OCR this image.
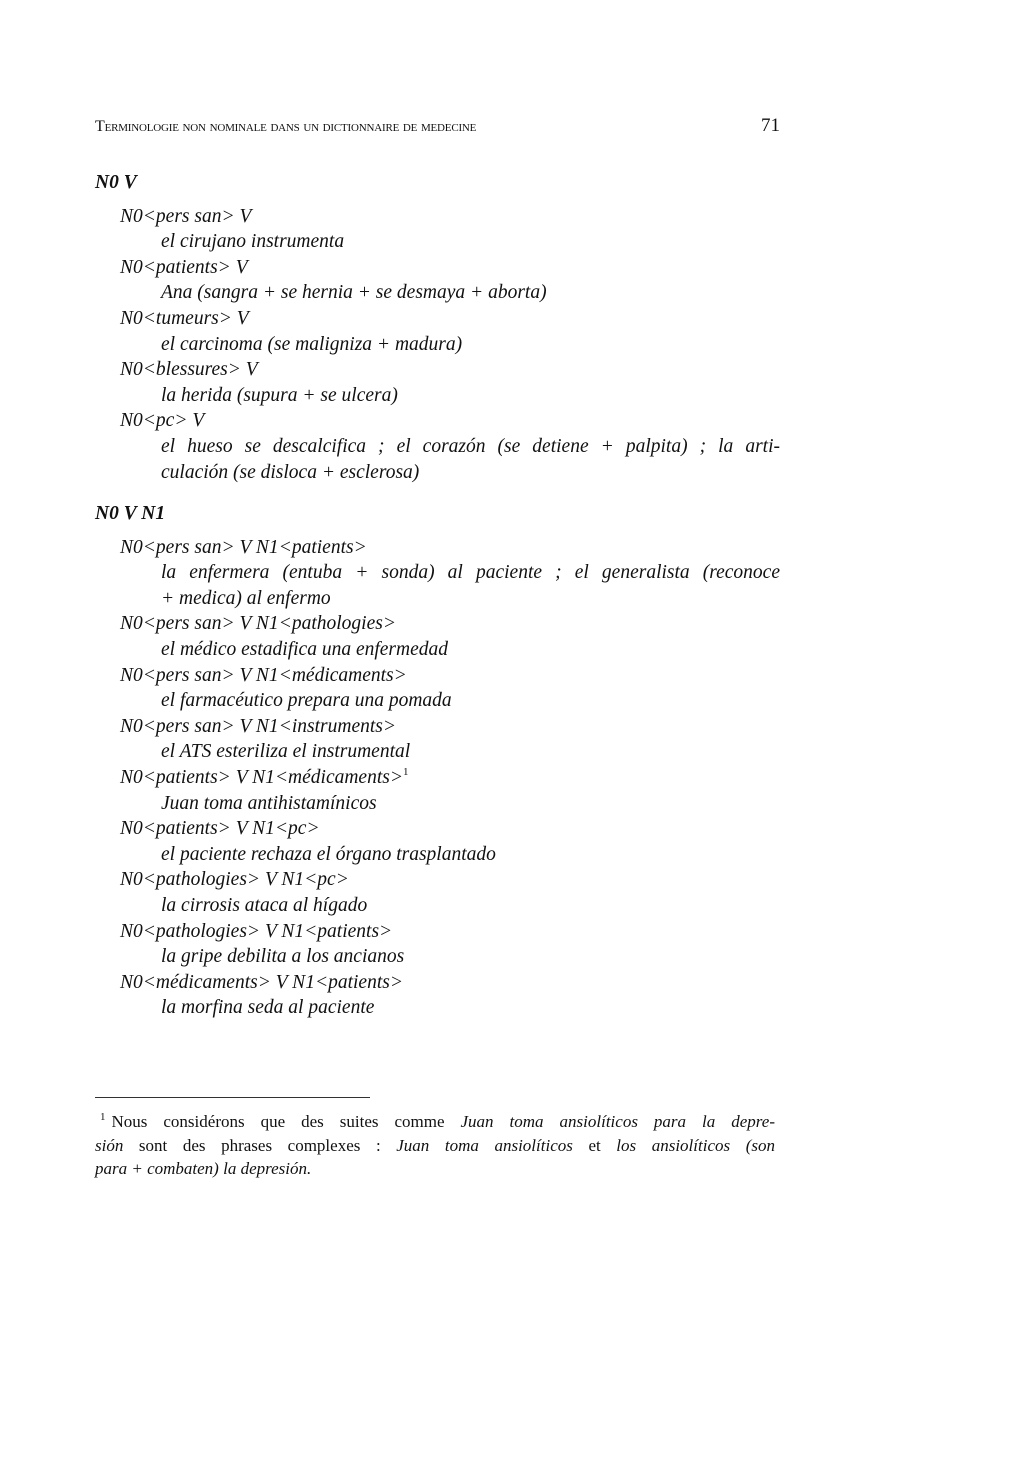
Terminologie non nominale dans un dictionnaire de medecine	71
N0 V
N0<pers san> V
el cirujano instrumenta
N0<patients> V
Ana (sangra + se hernia + se desmaya + aborta)
N0<tumeurs> V
el carcinoma (se maligniza + madura)
N0<blessures> V
la herida (supura + se ulcera)
N0<pc> V
el hueso se descalcifica ; el corazón (se detiene + palpita) ; la arti-
culación (se disloca + esclerosa)
N0 V N1
N0<pers san> V N1<patients>
la enfermera (entuba + sonda) al paciente ; el generalista (reconoce
+ medica) al enfermo
N0<pers san> V N1<pathologies>
el médico estadifica una enfermedad
N0<pers san> V N1<médicaments>
el farmacéutico prepara una pomada
N0<pers san> V N1<instruments>
el ATS esteriliza el instrumental
N0<patients> V N1<médicaments>$^1$
Juan toma antihistamínicos
N0<patients> V N1<pc>
el paciente rechaza el órgano trasplantado
N0<pathologies> V N1<pc>
la cirrosis ataca al hígado
N0<pathologies> V N1<patients>
la gripe debilita a los ancianos
N0<médicaments> V N1<patients>
la morfina seda al paciente
$^1$ Nous considérons que des suites comme Juan toma ansiolíticos para la depre-
sión sont des phrases complexes : Juan toma ansiolíticos et los ansiolíticos (son
para + combaten) la depresión.
